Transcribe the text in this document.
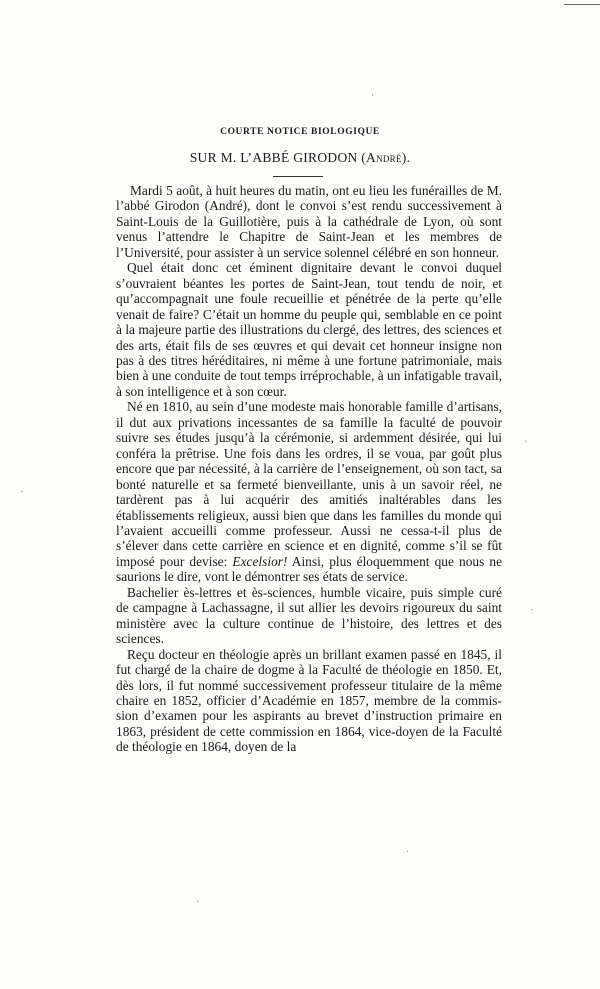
COURTE NOTICE BIOLOGIQUE
SUR M. L’ABBÉ GIRODON (André).

Mardi 5 août, à huit heures du matin, ont eu lieu les funérailles de M. l’abbé Girodon (André), dont le convoi s’est rendu successivement à Saint-Louis de la Guillotière, puis à la cathédrale de Lyon, où sont venus l’attendre le Chapitre de Saint-Jean et les membres de l’Université, pour assister à un service solennel célébré en son honneur.

Quel était donc cet éminent dignitaire devant le convoi duquel s’ouvraient béantes les portes de Saint-Jean, tout tendu de noir, et qu’accompagnait une foule recueillie et pénétrée de la perte qu’elle venait de faire? C’était un homme du peuple qui, semblable en ce point à la majeure partie des illustrations du clergé, des lettres, des sciences et des arts, était fils de ses œuvres et qui devait cet honneur insigne non pas à des titres héréditaires, ni même à une fortune patrimoniale, mais bien à une conduite de tout temps irréprochable, à un infatigable travail, à son intelligence et à son cœur.

Né en 1810, au sein d’une modeste mais honorable famille d’artisans, il dut aux privations incessantes de sa famille la faculté de pouvoir suivre ses études jusqu’à la cérémonie, si ardemment désirée, qui lui conféra la prêtrise. Une fois dans les ordres, il se voua, par goût plus encore que par nécessité, à la carrière de l’enseignement, où son tact, sa bonté naturelle et sa fermeté bienveillante, unis à un savoir réel, ne tardèrent pas à lui acquérir des amitiés inaltérables dans les établissements religieux, aussi bien que dans les familles du monde qui l’avaient accueilli comme professeur. Aussi ne cessa-t-il plus de s’élever dans cette carrière en science et en dignité, comme s’il se fût imposé pour devise: Excelsior! Ainsi, plus éloquemment que nous ne saurions le dire, vont le démontrer ses états de service.

Bachelier ès-lettres et ès-sciences, humble vicaire, puis simple curé de campagne à Lachassagne, il sut allier les devoirs rigoureux du saint ministère avec la culture continue de l’histoire, des lettres et des sciences.

Reçu docteur en théologie après un brillant examen passé en 1845, il fut chargé de la chaire de dogme à la Faculté de théologie en 1850. Et, dès lors, il fut nommé successivement professeur titulaire de la même chaire en 1852, officier d’Académie en 1857, membre de la commission d’examen pour les aspirants au brevet d’instruction primaire en 1863, président de cette commission en 1864, vice-doyen de la Faculté de théologie en 1864, doyen de la

·
·
·
·
·
·
